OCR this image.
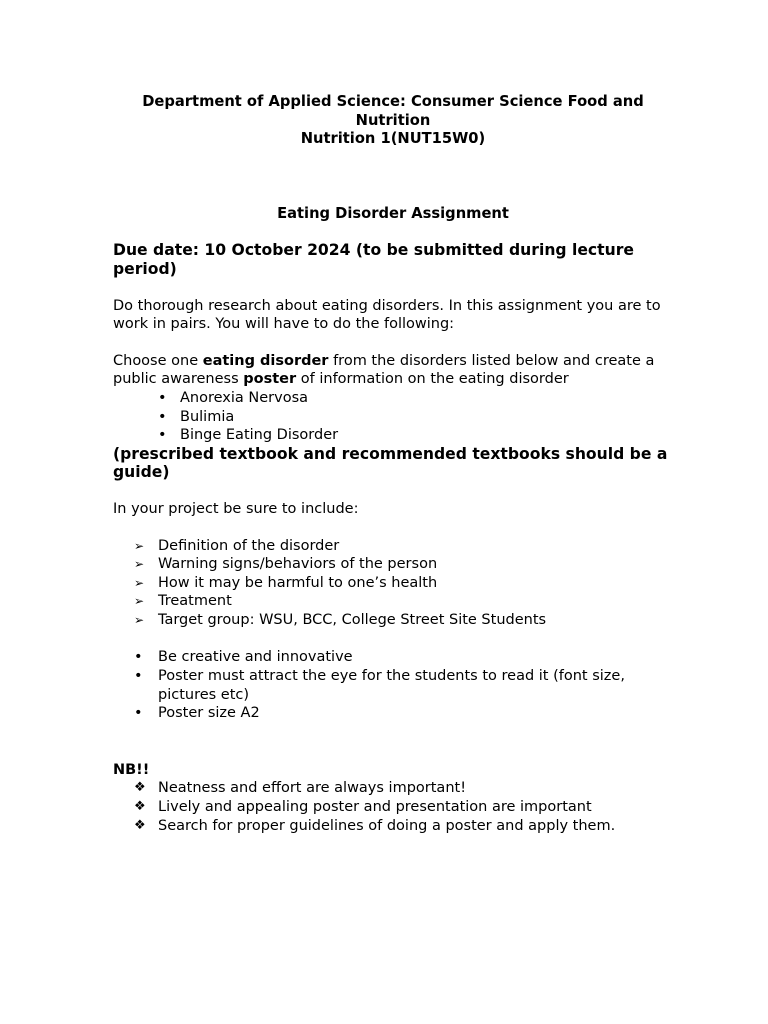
Department of Applied Science: Consumer Science Food and Nutrition

Nutrition 1(NUT15W0)

Eating Disorder Assignment

Due date: 10 October 2024 (to be submitted during lecture period)

Do thorough research about eating disorders. In this assignment you are to work in pairs. You will have to do the following:

Choose one eating disorder from the disorders listed below and create a public awareness poster of information on the eating disorder

• Anorexia Nervosa
• Bulimia
• Binge Eating Disorder

(prescribed textbook and recommended textbooks should be a guide)

In your project be sure to include:

➢ Definition of the disorder
➢ Warning signs/behaviors of the person
➢ How it may be harmful to one’s health
➢ Treatment
➢ Target group: WSU, BCC, College Street Site Students
• Be creative and innovative
• Poster must attract the eye for the students to read it (font size, pictures etc)
• Poster size A2

NB!!

❖ Neatness and effort are always important!
❖ Lively and appealing poster and presentation are important
❖ Search for proper guidelines of doing a poster and apply them.
